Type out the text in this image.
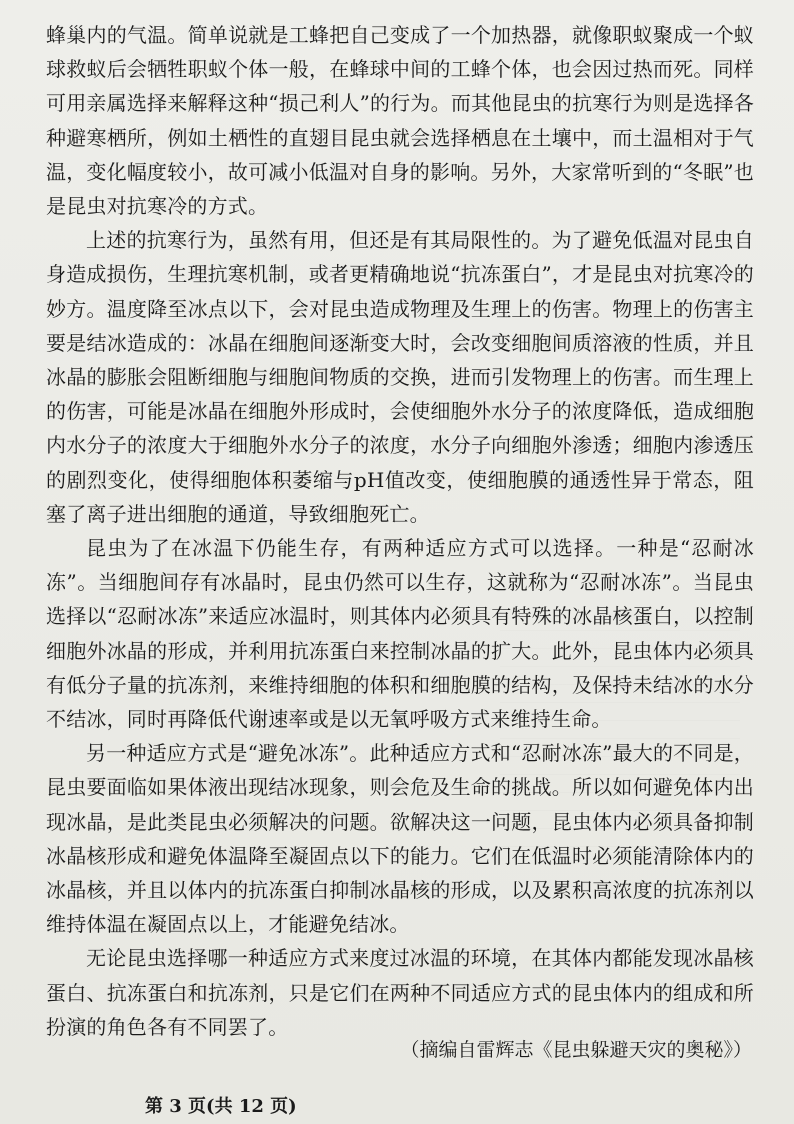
蜂巢内的气温。简单说就是工蜂把自己变成了一个加热器，就像职蚁聚成一个蚁球救蚁后会牺牲职蚁个体一般，在蜂球中间的工蜂个体，也会因过热而死。同样可用亲属选择来解释这种“损己利人”的行为。而其他昆虫的抗寒行为则是选择各种避寒栖所，例如土栖性的直翅目昆虫就会选择栖息在土壤中，而土温相对于气温，变化幅度较小，故可减小低温对自身的影响。另外，大家常听到的“冬眠”也是昆虫对抗寒冷的方式。

上述的抗寒行为，虽然有用，但还是有其局限性的。为了避免低温对昆虫自身造成损伤，生理抗寒机制，或者更精确地说“抗冻蛋白”，才是昆虫对抗寒冷的妙方。温度降至冰点以下，会对昆虫造成物理及生理上的伤害。物理上的伤害主要是结冰造成的：冰晶在细胞间逐渐变大时，会改变细胞间质溶液的性质，并且冰晶的膨胀会阻断细胞与细胞间物质的交换，进而引发物理上的伤害。而生理上的伤害，可能是冰晶在细胞外形成时，会使细胞外水分子的浓度降低，造成细胞内水分子的浓度大于细胞外水分子的浓度，水分子向细胞外渗透；细胞内渗透压的剧烈变化，使得细胞体积萎缩与pH值改变，使细胞膜的通透性异于常态，阻塞了离子进出细胞的通道，导致细胞死亡。

昆虫为了在冰温下仍能生存，有两种适应方式可以选择。一种是“忍耐冰冻”。当细胞间存有冰晶时，昆虫仍然可以生存，这就称为“忍耐冰冻”。当昆虫选择以“忍耐冰冻”来适应冰温时，则其体内必须具有特殊的冰晶核蛋白，以控制细胞外冰晶的形成，并利用抗冻蛋白来控制冰晶的扩大。此外，昆虫体内必须具有低分子量的抗冻剂，来维持细胞的体积和细胞膜的结构，及保持未结冰的水分不结冰，同时再降低代谢速率或是以无氧呼吸方式来维持生命。

另一种适应方式是“避免冰冻”。此种适应方式和“忍耐冰冻”最大的不同是，昆虫要面临如果体液出现结冰现象，则会危及生命的挑战。所以如何避免体内出现冰晶，是此类昆虫必须解决的问题。欲解决这一问题，昆虫体内必须具备抑制冰晶核形成和避免体温降至凝固点以下的能力。它们在低温时必须能清除体内的冰晶核，并且以体内的抗冻蛋白抑制冰晶核的形成，以及累积高浓度的抗冻剂以维持体温在凝固点以上，才能避免结冰。

无论昆虫选择哪一种适应方式来度过冰温的环境，在其体内都能发现冰晶核蛋白、抗冻蛋白和抗冻剂，只是它们在两种不同适应方式的昆虫体内的组成和所扮演的角色各有不同罢了。

（摘编自雷辉志《昆虫躲避天灾的奥秘》）
第 3 页(共 12 页)
